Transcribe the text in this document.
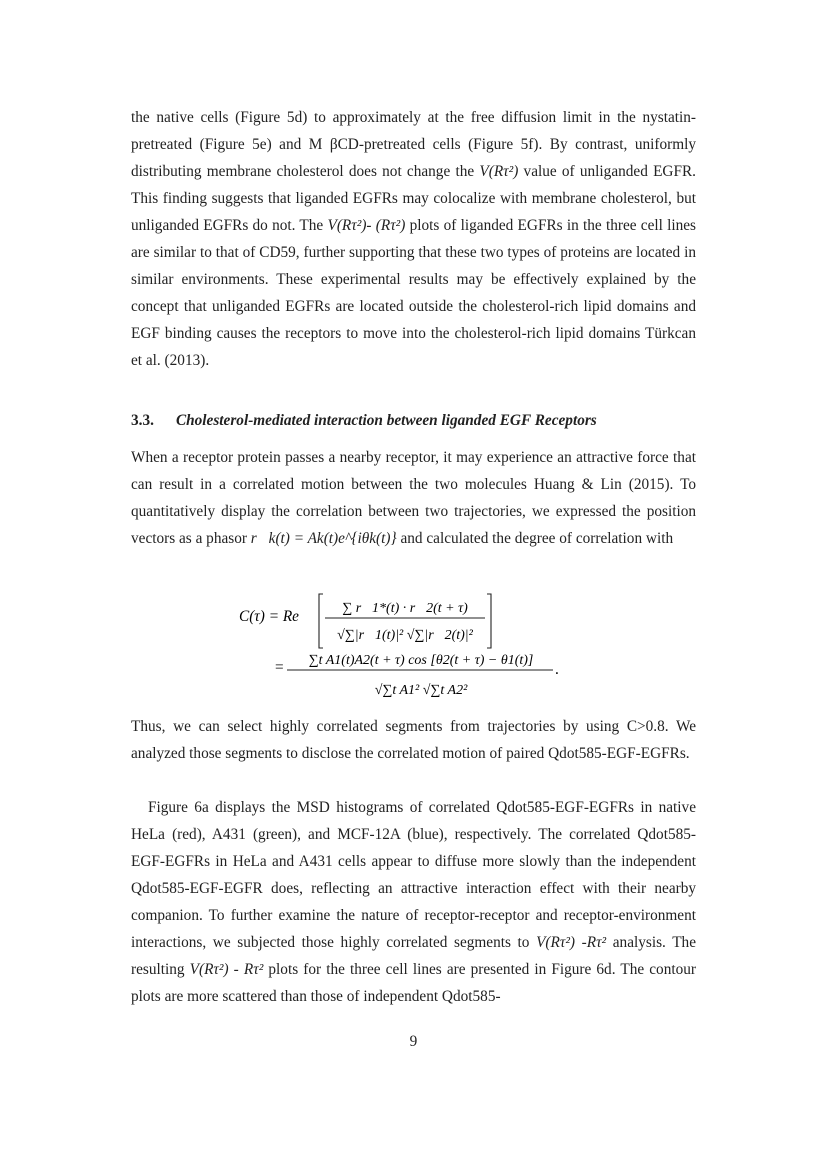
the native cells (Figure 5d) to approximately at the free diffusion limit in the nystatin-pretreated (Figure 5e) and M βCD-pretreated cells (Figure 5f). By contrast, uniformly distributing membrane cholesterol does not change the V(Rτ²) value of unliganded EGFR. This finding suggests that liganded EGFRs may colocalize with membrane cholesterol, but unliganded EGFRs do not. The V(Rτ²)- (Rτ²) plots of liganded EGFRs in the three cell lines are similar to that of CD59, further supporting that these two types of proteins are located in similar environments. These experimental results may be effectively explained by the concept that unliganded EGFRs are located outside the cholesterol-rich lipid domains and EGF binding causes the receptors to move into the cholesterol-rich lipid domains Türkcan et al. (2013).

3.3. Cholesterol-mediated interaction between liganded EGF Receptors

When a receptor protein passes a nearby receptor, it may experience an attractive force that can result in a correlated motion between the two molecules Huang & Lin (2015). To quantitatively display the correlation between two trajectories, we expressed the position vectors as a phasor r⃗k(t) = Ak(t)e^{iθk(t)} and calculated the degree of correlation with

C(τ) = Re	∑ r⃗1*(t) · r⃗2(t + τ)
√∑|r⃗1(t)|² √∑|r⃗2(t)|²
= ∑t A1(t)A2(t + τ) cos [θ2(t + τ) − θ1(t)]
√∑t A1² √∑t A2²
.

Thus, we can select highly correlated segments from trajectories by using C>0.8. We analyzed those segments to disclose the correlated motion of paired Qdot585-EGF-EGFRs.

Figure 6a displays the MSD histograms of correlated Qdot585-EGF-EGFRs in native HeLa (red), A431 (green), and MCF-12A (blue), respectively. The correlated Qdot585-EGF-EGFRs in HeLa and A431 cells appear to diffuse more slowly than the independent Qdot585-EGF-EGFR does, reflecting an attractive interaction effect with their nearby companion. To further examine the nature of receptor-receptor and receptor-environment interactions, we subjected those highly correlated segments to V(Rτ²) -Rτ² analysis. The resulting V(Rτ²) - Rτ² plots for the three cell lines are presented in Figure 6d. The contour plots are more scattered than those of independent Qdot585-

9
